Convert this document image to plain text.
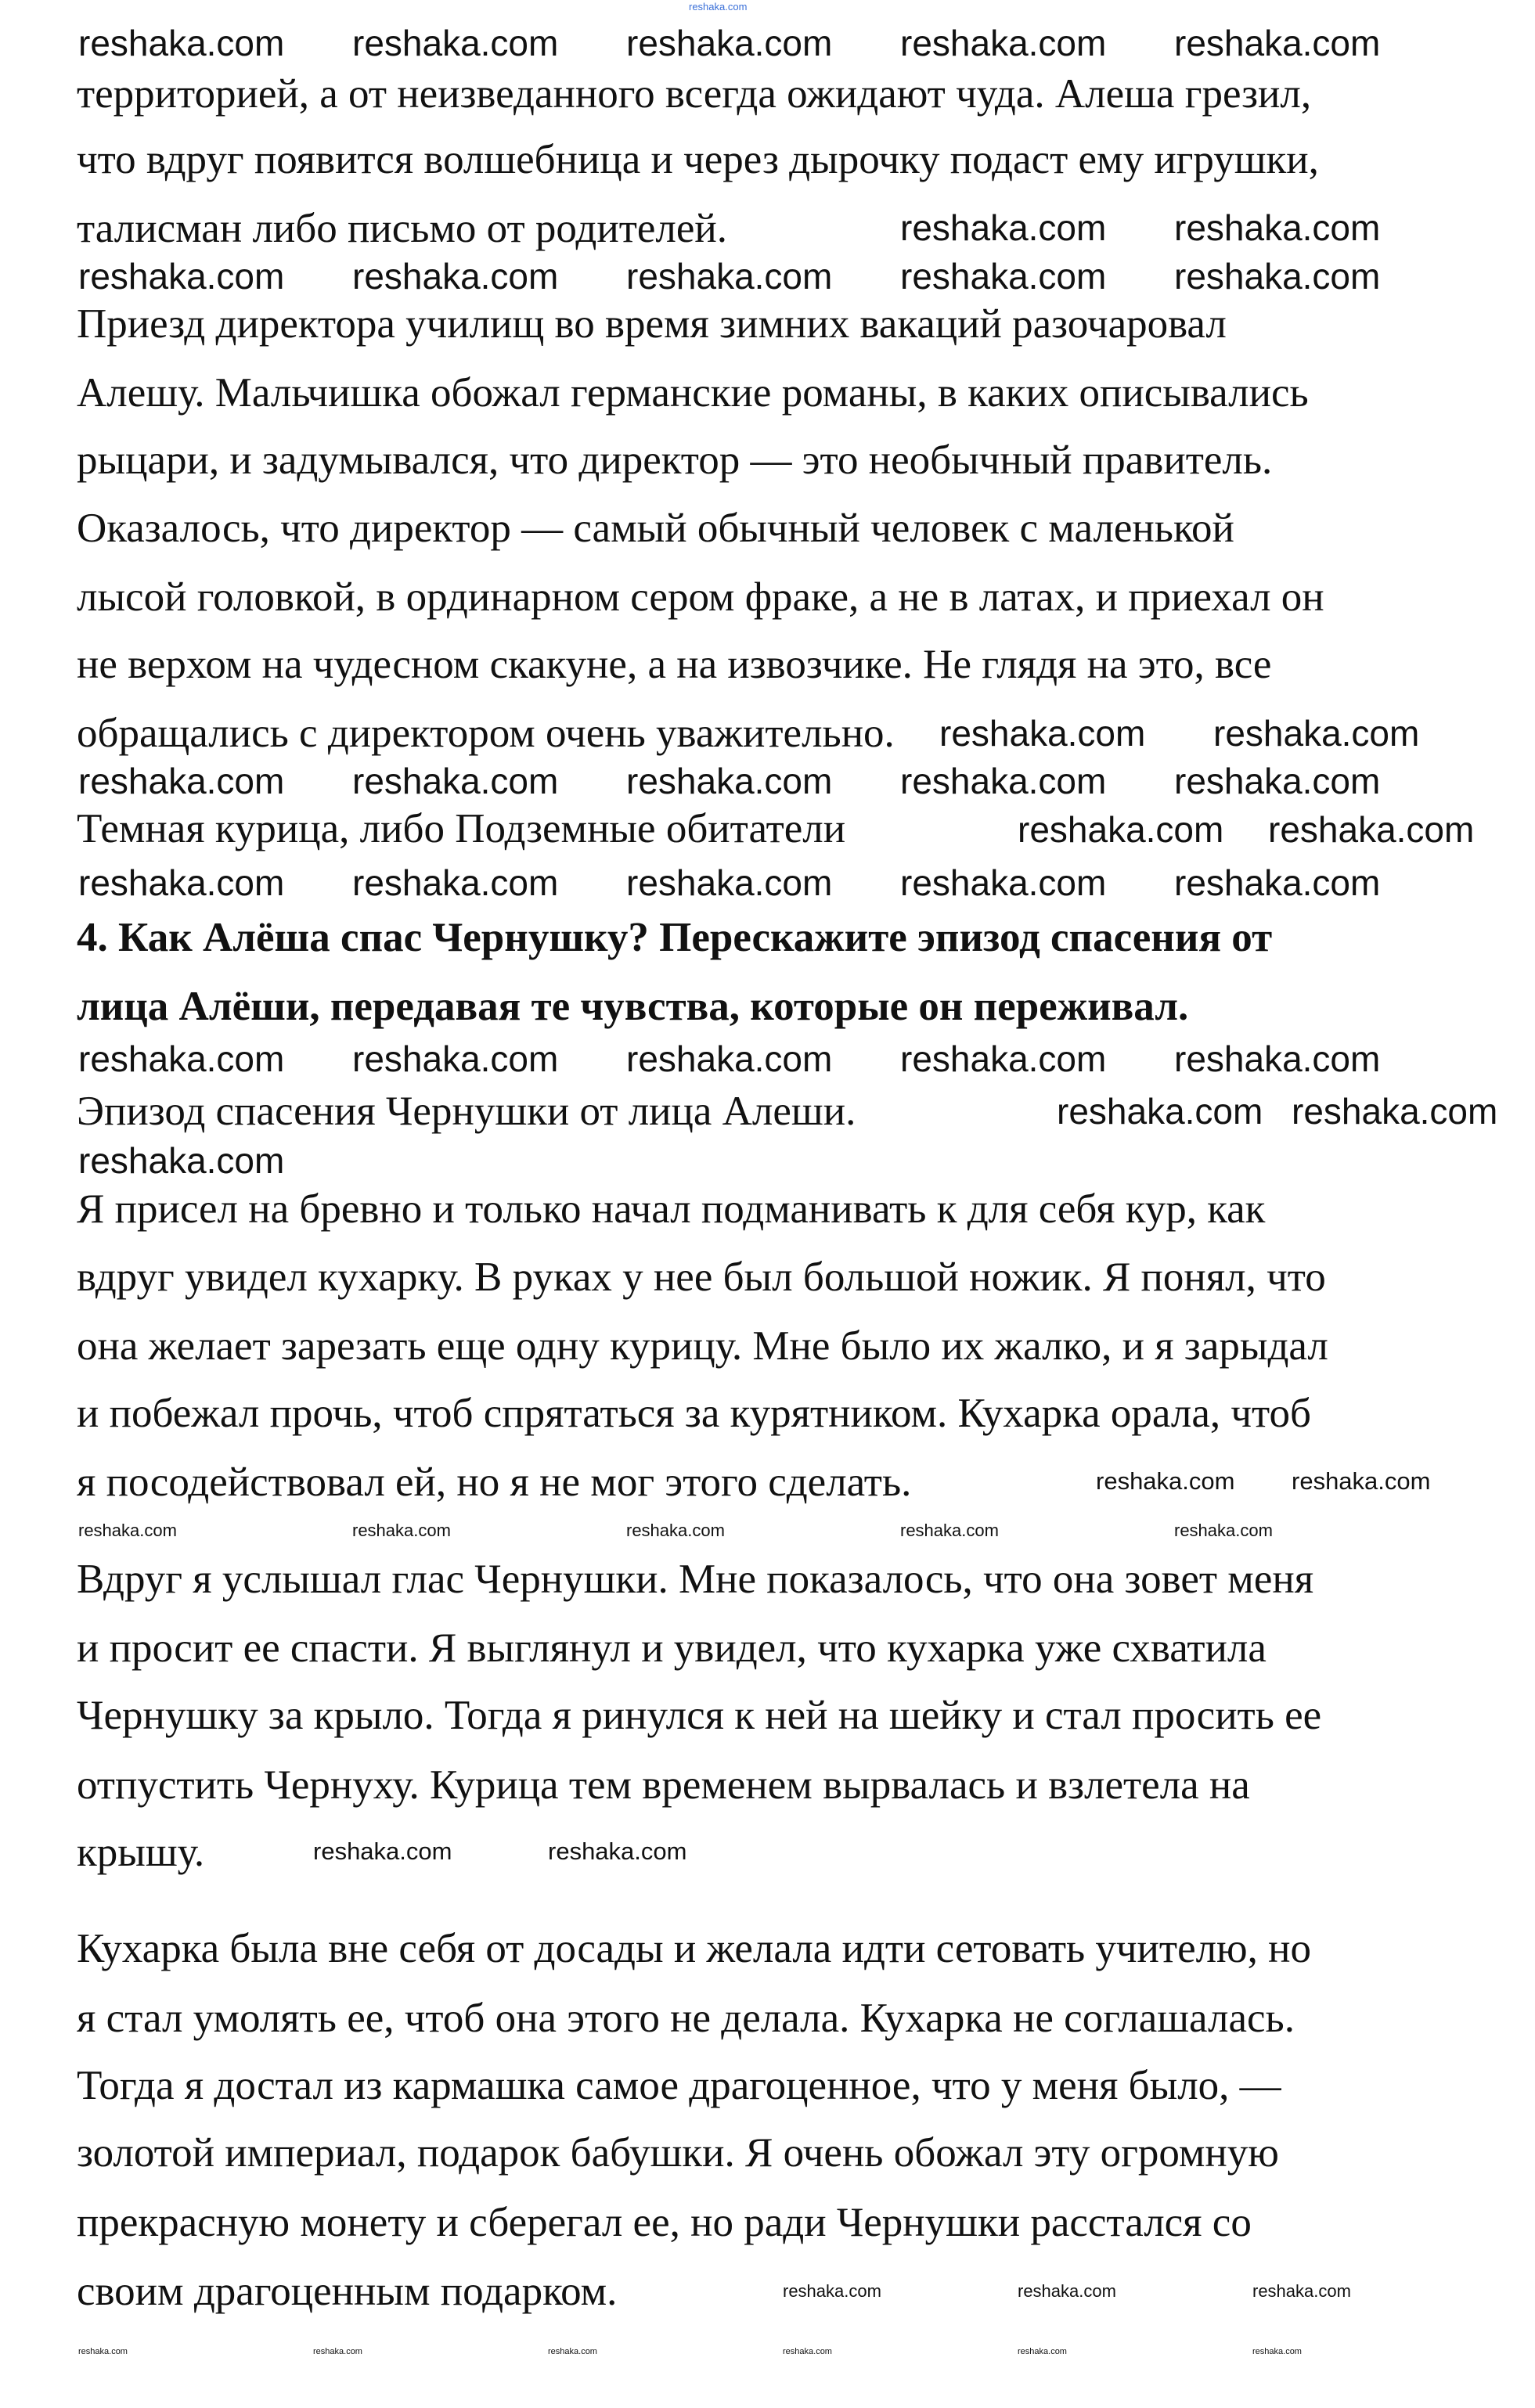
reshaka.com
территорией, а от неизведанного всегда ожидают чуда. Алеша грезил,
что вдруг появится волшебница и через дырочку подаст ему игрушки,
талисман либо письмо от родителей.
Приезд директора училищ во время зимних вакаций разочаровал
Алешу. Мальчишка обожал германские романы, в каких описывались
рыцари, и задумывался, что директор — это необычный правитель.
Оказалось, что директор — самый обычный человек с маленькой
лысой головкой, в ординарном сером фраке, а не в латах, и приехал он
не верхом на чудесном скакуне, а на извозчике. Не глядя на это, все
обращались с директором очень уважительно.
Темная курица, либо Подземные обитатели
4. Как Алёша спас Чернушку? Перескажите эпизод спасения от
лица Алёши, передавая те чувства, которые он переживал.
Эпизод спасения Чернушки от лица Алеши.
Я присел на бревно и только начал подманивать к для себя кур, как
вдруг увидел кухарку. В руках у нее был большой ножик. Я понял, что
она желает зарезать еще одну курицу. Мне было их жалко, и я зарыдал
и побежал прочь, чтоб спрятаться за курятником. Кухарка орала, чтоб
я посодействовал ей, но я не мог этого сделать.
Вдруг я услышал глас Чернушки. Мне показалось, что она зовет меня
и просит ее спасти. Я выглянул и увидел, что кухарка уже схватила
Чернушку за крыло. Тогда я ринулся к ней на шейку и стал просить ее
отпустить Чернуху. Курица тем временем вырвалась и взлетела на
крышу.
Кухарка была вне себя от досады и желала идти сетовать учителю, но
я стал умолять ее, чтоб она этого не делала. Кухарка не соглашалась.
Тогда я достал из кармашка самое драгоценное, что у меня было, —
золотой империал, подарок бабушки. Я очень обожал эту огромную
прекрасную монету и сберегал ее, но ради Чернушки расстался со
своим драгоценным подарком.
reshaka.com reshaka.com reshaka.com reshaka.com reshaka.com
reshaka.com reshaka.com
reshaka.com reshaka.com reshaka.com reshaka.com reshaka.com
reshaka.com reshaka.com
reshaka.com reshaka.com reshaka.com reshaka.com reshaka.com
reshaka.com reshaka.com
reshaka.com reshaka.com reshaka.com reshaka.com reshaka.com
reshaka.com reshaka.com reshaka.com reshaka.com reshaka.com
reshaka.com reshaka.com
reshaka.com
reshaka.com reshaka.com
reshaka.com	reshaka.com
reshaka.com	reshaka.com	reshaka.com	reshaka.com	reshaka.com
reshaka.com	reshaka.com	reshaka.com
reshaka.com	reshaka.com	reshaka.com	reshaka.com	reshaka.com	reshaka.com
